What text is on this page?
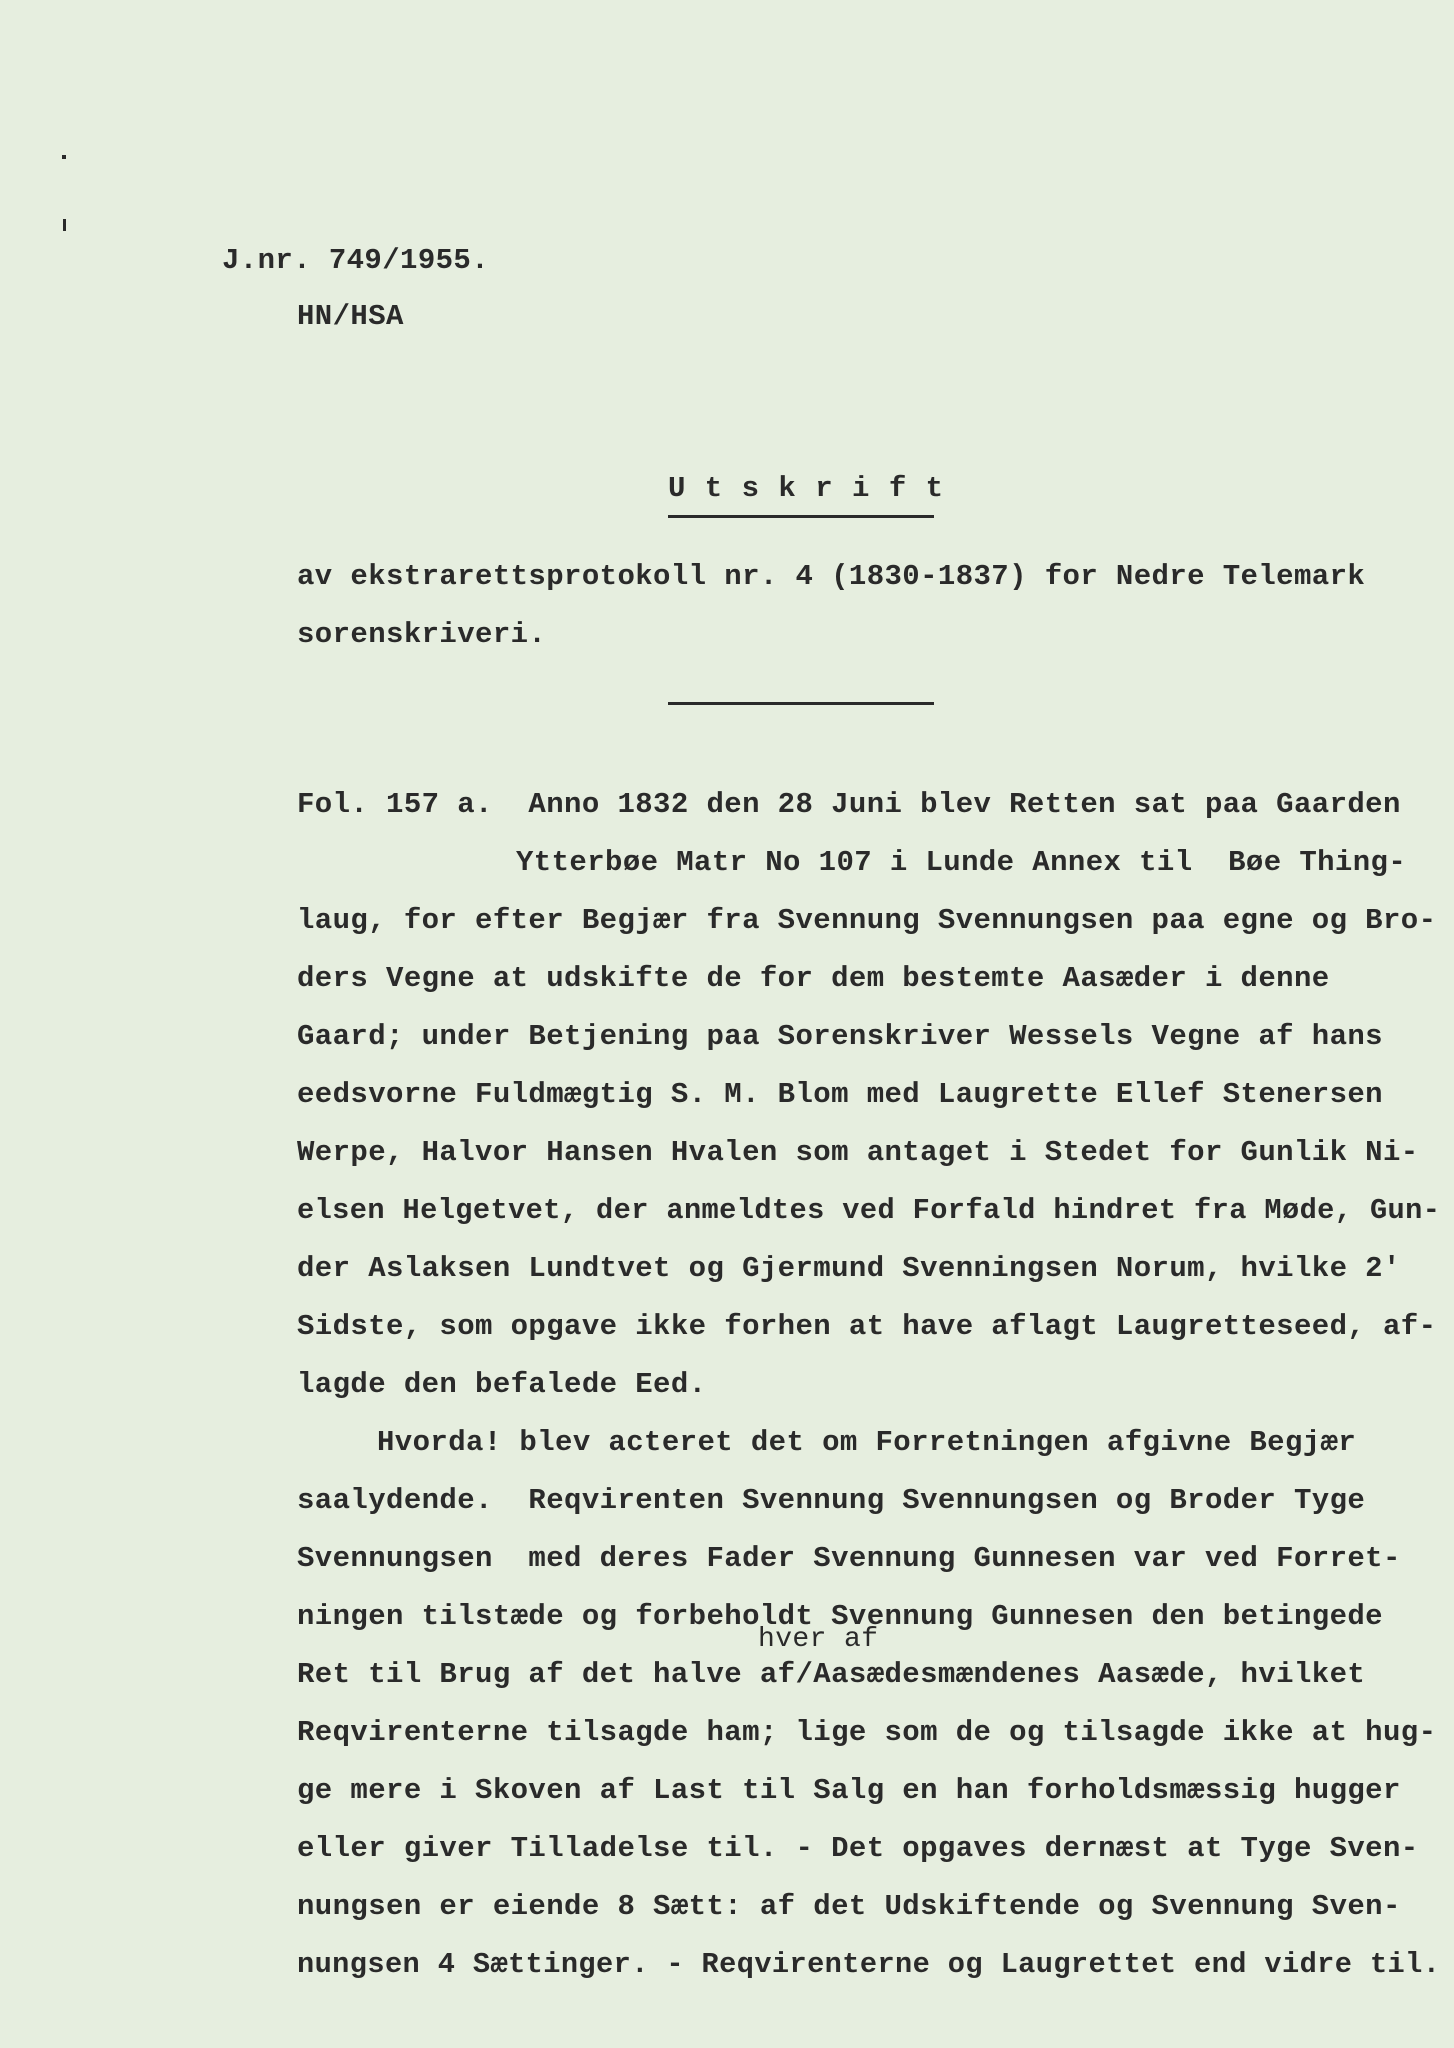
J.nr. 749/1955.
HN/HSA
U t s k r i f t
av ekstrarettsprotokoll nr. 4 (1830-1837) for Nedre Telemark
sorenskriveri.
Fol. 157 a.  Anno 1832 den 28 Juni blev Retten sat paa Gaarden
Ytterbøe Matr No 107 i Lunde Annex til  Bøe Thing-
laug, for efter Begjær fra Svennung Svennungsen paa egne og Bro-
ders Vegne at udskifte de for dem bestemte Aasæder i denne
Gaard; under Betjening paa Sorenskriver Wessels Vegne af hans
eedsvorne Fuldmægtig S. M. Blom med Laugrette Ellef Stenersen
Werpe, Halvor Hansen Hvalen som antaget i Stedet for Gunlik Ni-
elsen Helgetvet, der anmeldtes ved Forfald hindret fra Møde, Gun-
der Aslaksen Lundtvet og Gjermund Svenningsen Norum, hvilke 2'
Sidste, som opgave ikke forhen at have aflagt Laugretteseed, af-
lagde den befalede Eed.
Hvorda! blev acteret det om Forretningen afgivne Begjær
saalydende.  Reqvirenten Svennung Svennungsen og Broder Tyge
Svennungsen  med deres Fader Svennung Gunnesen var ved Forret-
ningen tilstæde og forbeholdt Svennung Gunnesen den betingede
hver af
Ret til Brug af det halve af/Aasædesmændenes Aasæde, hvilket
Reqvirenterne tilsagde ham; lige som de og tilsagde ikke at hug-
ge mere i Skoven af Last til Salg en han forholdsmæssig hugger
eller giver Tilladelse til. - Det opgaves dernæst at Tyge Sven-
nungsen er eiende 8 Sætt: af det Udskiftende og Svennung Sven-
nungsen 4 Sættinger. - Reqvirenterne og Laugrettet end vidre til.
